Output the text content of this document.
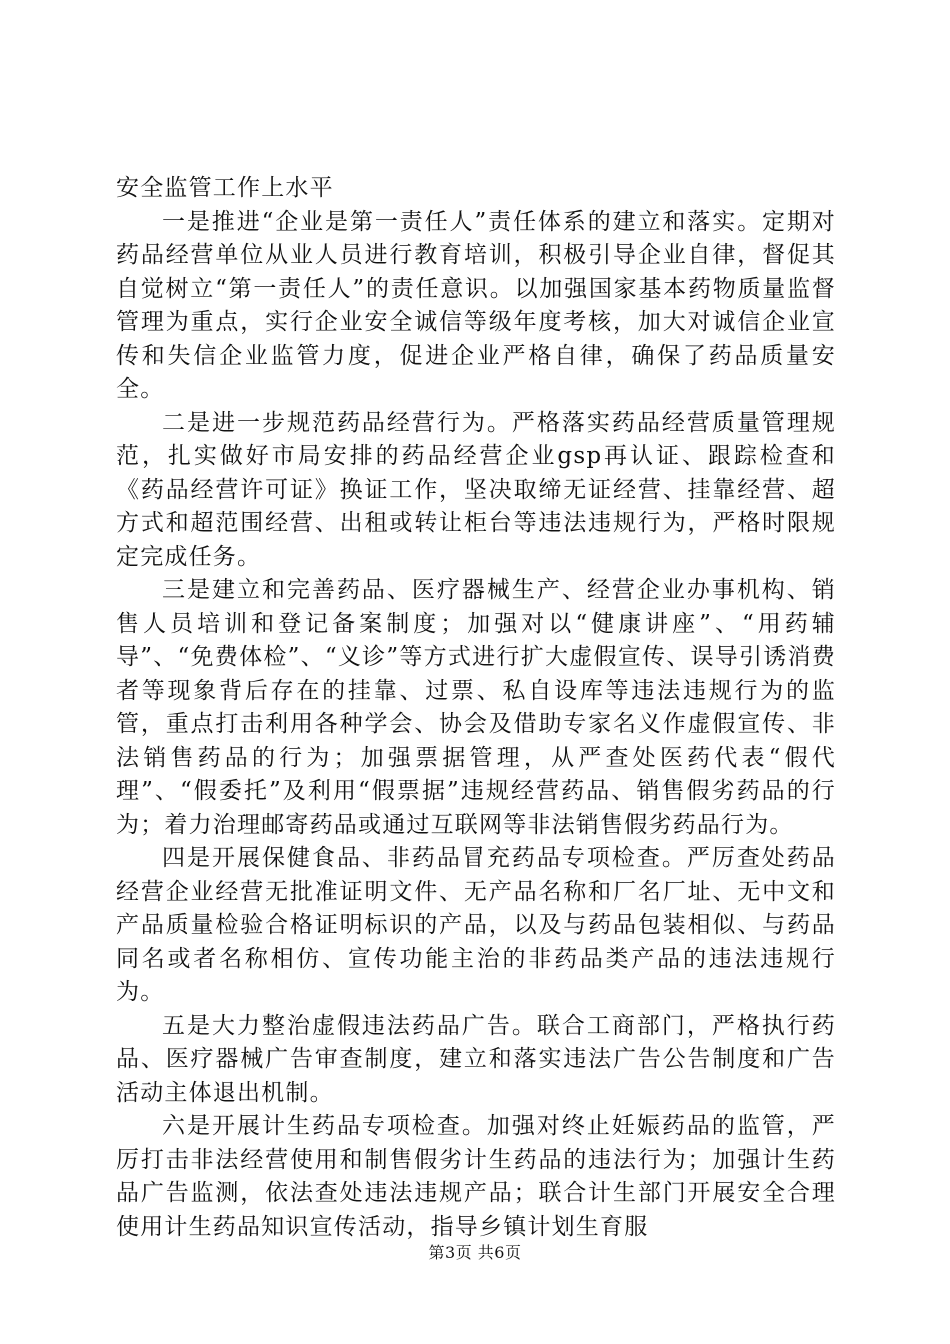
安全监管工作上水平

一是推进“企业是第一责任人”责任体系的建立和落实。定期对药品经营单位从业人员进行教育培训，积极引导企业自律，督促其自觉树立“第一责任人”的责任意识。以加强国家基本药物质量监督管理为重点，实行企业安全诚信等级年度考核，加大对诚信企业宣传和失信企业监管力度，促进企业严格自律，确保了药品质量安全。

二是进一步规范药品经营行为。严格落实药品经营质量管理规范，扎实做好市局安排的药品经营企业gsp再认证、跟踪检查和《药品经营许可证》换证工作，坚决取缔无证经营、挂靠经营、超方式和超范围经营、出租或转让柜台等违法违规行为，严格时限规定完成任务。

三是建立和完善药品、医疗器械生产、经营企业办事机构、销售人员培训和登记备案制度；加强对以“健康讲座”、“用药辅导”、“免费体检”、“义诊”等方式进行扩大虚假宣传、误导引诱消费者等现象背后存在的挂靠、过票、私自设库等违法违规行为的监管，重点打击利用各种学会、协会及借助专家名义作虚假宣传、非法销售药品的行为；加强票据管理，从严查处医药代表“假代理”、“假委托”及利用“假票据”违规经营药品、销售假劣药品的行为；着力治理邮寄药品或通过互联网等非法销售假劣药品行为。

四是开展保健食品、非药品冒充药品专项检查。严厉查处药品经营企业经营无批准证明文件、无产品名称和厂名厂址、无中文和产品质量检验合格证明标识的产品，以及与药品包装相似、与药品同名或者名称相仿、宣传功能主治的非药品类产品的违法违规行为。

五是大力整治虚假违法药品广告。联合工商部门，严格执行药品、医疗器械广告审查制度，建立和落实违法广告公告制度和广告活动主体退出机制。

六是开展计生药品专项检查。加强对终止妊娠药品的监管，严厉打击非法经营使用和制售假劣计生药品的违法行为；加强计生药品广告监测，依法查处违法违规产品；联合计生部门开展安全合理使用计生药品知识宣传活动，指导乡镇计划生育服

第3页 共6页
